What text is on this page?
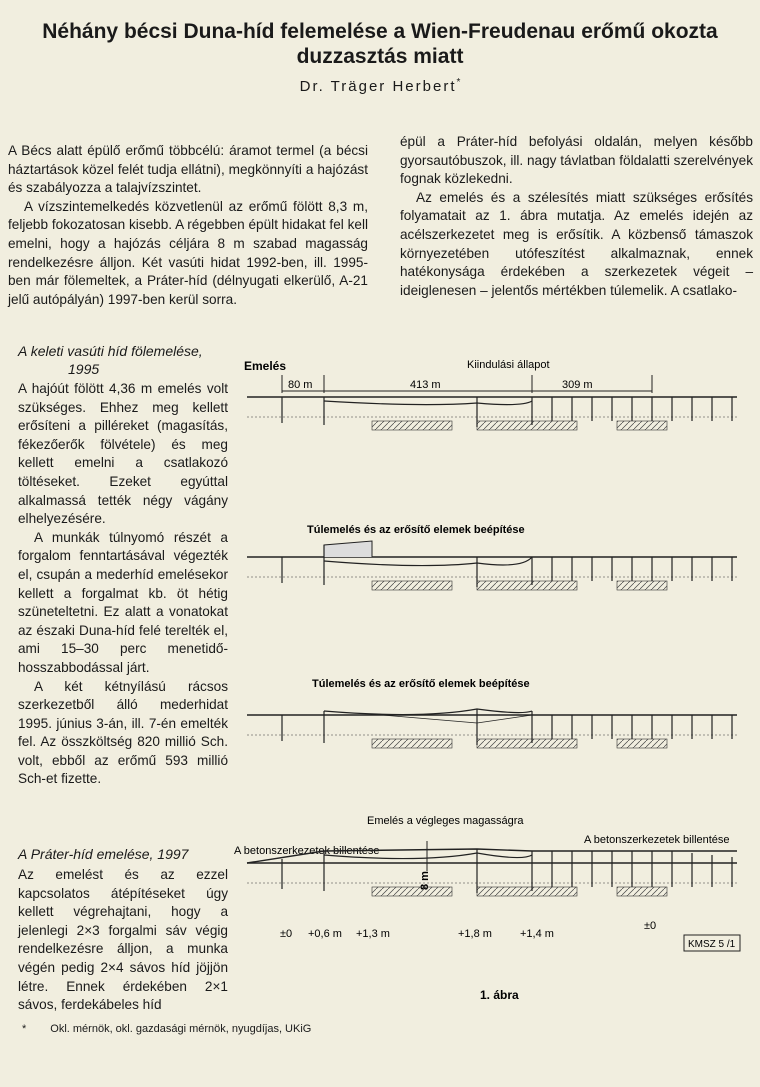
Néhány bécsi Duna-híd felemelése a Wien-Freudenau erőmű okozta
duzzasztás miatt
Dr. Träger Herbert*

A Bécs alatt épülő erőmű többcélú: áramot termel (a bécsi háztartások közel felét tudja ellátni), megkönnyíti a hajózást és szabályozza a talajvízszintet.

A vízszintemelkedés közvetlenül az erőmű fölött 8,3 m, feljebb fokozatosan kisebb. A régebben épült hidakat fel kell emelni, hogy a hajózás céljára 8 m szabad magasság rendelkezésre álljon. Két vasúti hidat 1992-ben, ill. 1995-ben már fölemeltek, a Práter-híd (délnyugati elkerülő, A-21 jelű autópályán) 1997-ben kerül sorra.

épül a Práter-híd befolyási oldalán, melyen később gyorsautóbuszok, ill. nagy távlatban földalatti szerelvények fognak közlekedni.

Az emelés és a szélesítés miatt szükséges erősítés folyamatait az 1. ábra mutatja. Az emelés idején az acélszerkezetet meg is erősítik. A közbenső támaszok környezetében utófeszítést alkalmaznak, ennek hatékonysága érdekében a szerkezetek végeit – ideiglenesen – jelentős mértékben túlemelik. A csatlako-

A keleti vasúti híd fölemelése,
1995

A hajóút fölött 4,36 m emelés volt szükséges. Ehhez meg kellett erősíteni a pilléreket (magasítás, fékezőerők fölvétele) és meg kellett emelni a csatlakozó töltéseket. Ezeket egyúttal alkalmassá tették négy vágány elhelyezésére.

A munkák túlnyomó részét a forgalom fenntartásával végezték el, csupán a mederhíd emelésekor kellett a forgalmat kb. öt hétig szüneteltetni. Ez alatt a vonatokat az északi Duna-híd felé terelték el, ami 15–30 perc menetidő-hosszabbodással járt.

A két kétnyílású rácsos szerkezetből álló mederhidat 1995. június 3-án, ill. 7-én emelték fel. Az összköltség 820 millió Sch. volt, ebből az erőmű 593 millió Sch-et fizette.

A Práter-híd emelése, 1997

Az emelést és az ezzel kapcsolatos átépítéseket úgy kellett végrehajtani, hogy a jelenlegi 2×3 forgalmi sáv végig rendelkezésre álljon, a munka végén pedig 2×4 sávos híd jöjjön létre. Ennek érdekében 2×1 sávos, ferdekábeles híd

Emelés	Kiindulási állapot
80 m	413 m	309 m
Túlemelés és az erősítő elemek beépítése
Túlemelés és az erősítő elemek beépítése
Emelés a végleges magasságra
A betonszerkezetek billentése
A betonszerkezetek billentése
8 m
±0 +0,6 m +1,3 m	+1,8 m	+1,4 m
±0
KMSZ 5 /1
1. ábra
* Okl. mérnök, okl. gazdasági mérnök, nyugdíjas, UKiG
